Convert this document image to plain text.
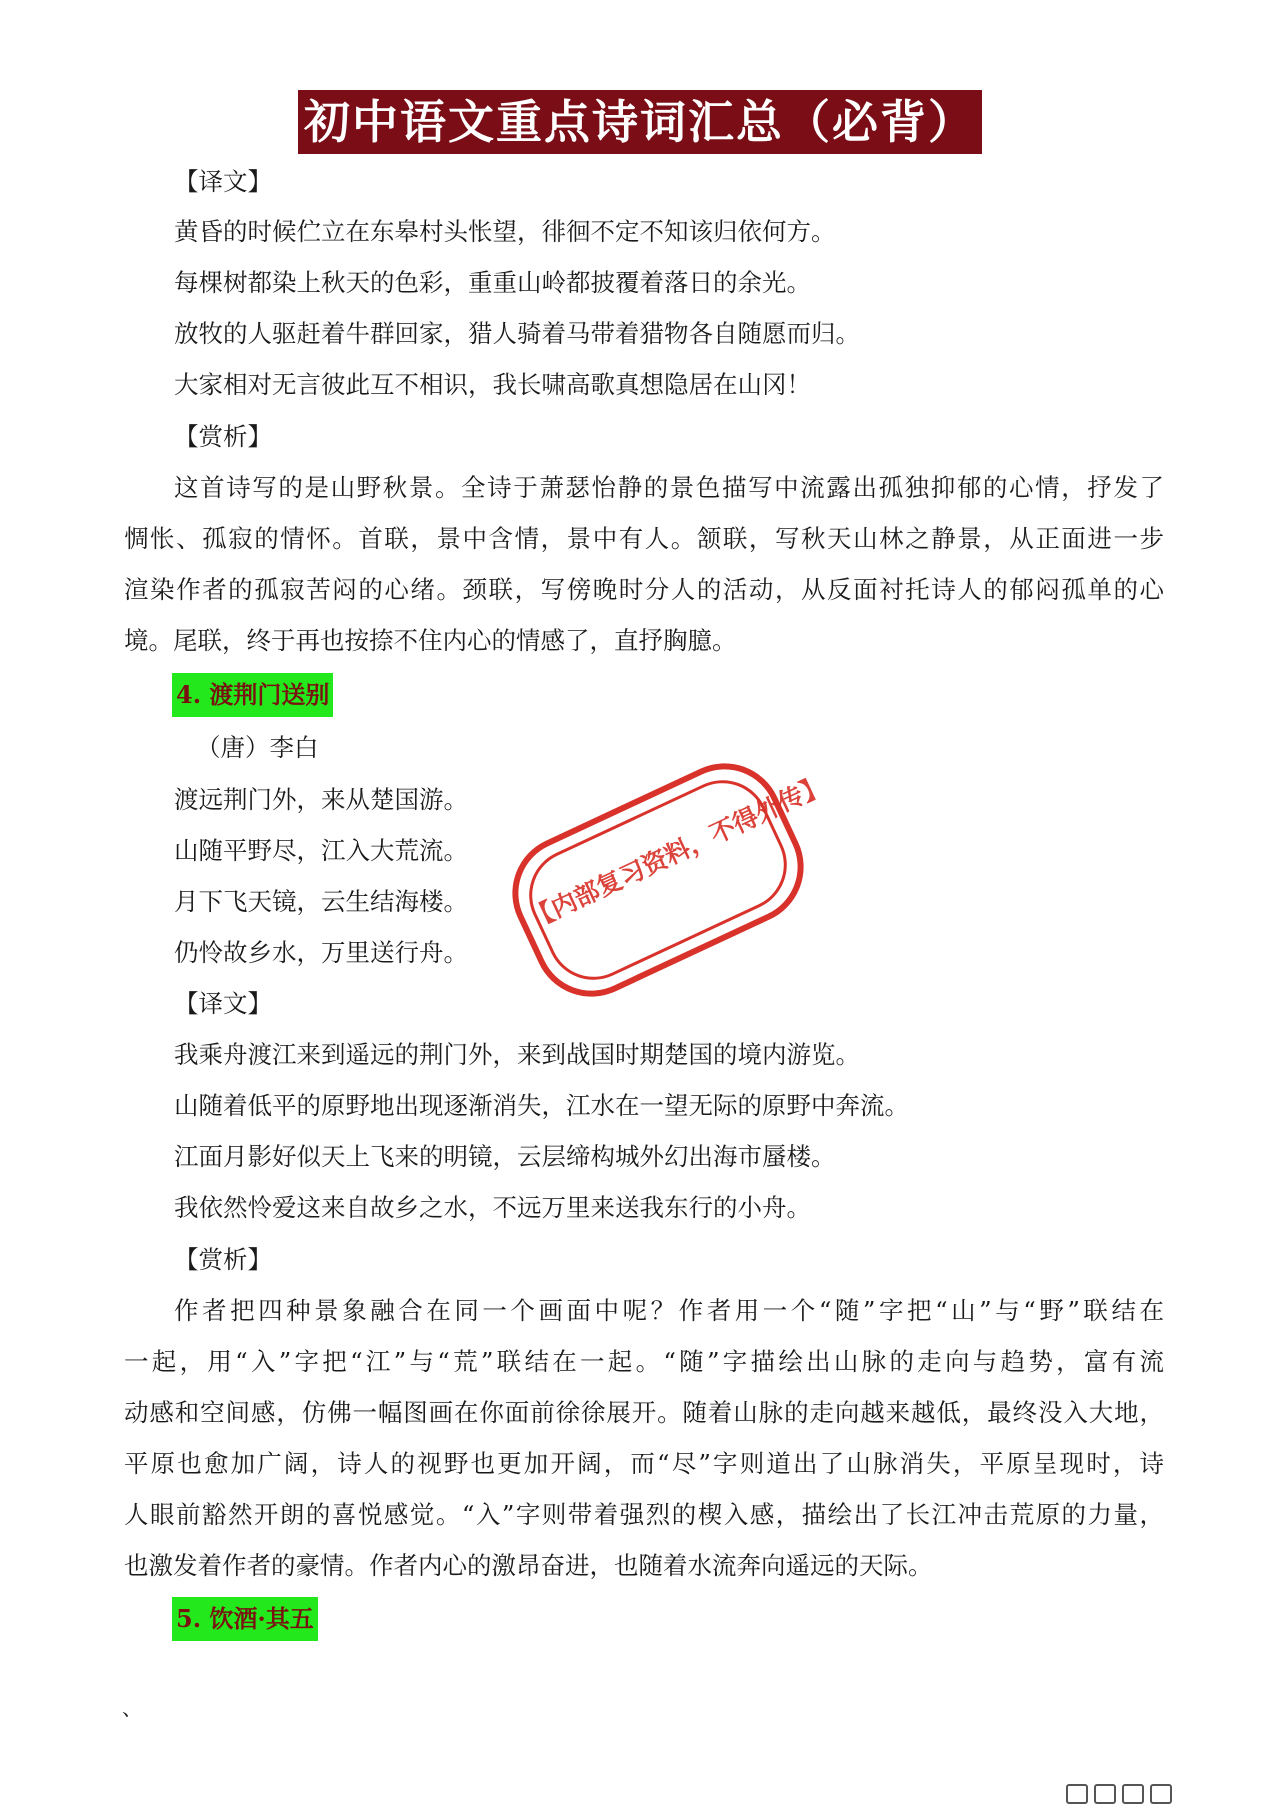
初中语文重点诗词汇总（必背）
【译文】
黄昏的时候伫立在东皋村头怅望，徘徊不定不知该归依何方。
每棵树都染上秋天的色彩，重重山岭都披覆着落日的余光。
放牧的人驱赶着牛群回家，猎人骑着马带着猎物各自随愿而归。
大家相对无言彼此互不相识，我长啸高歌真想隐居在山冈！
【赏析】
这首诗写的是山野秋景。全诗于萧瑟怡静的景色描写中流露出孤独抑郁的心情，抒发了
惆怅、孤寂的情怀。首联，景中含情，景中有人。颔联，写秋天山林之静景，从正面进一步
渲染作者的孤寂苦闷的心绪。颈联，写傍晚时分人的活动，从反面衬托诗人的郁闷孤单的心
境。尾联，终于再也按捺不住内心的情感了，直抒胸臆。
4. 渡荆门送别
（唐）李白
渡远荆门外，来从楚国游。
山随平野尽，江入大荒流。
月下飞天镜，云生结海楼。
仍怜故乡水，万里送行舟。
【译文】
我乘舟渡江来到遥远的荆门外，来到战国时期楚国的境内游览。
山随着低平的原野地出现逐渐消失，江水在一望无际的原野中奔流。
江面月影好似天上飞来的明镜，云层缔构城外幻出海市蜃楼。
我依然怜爱这来自故乡之水，不远万里来送我东行的小舟。
【赏析】
作者把四种景象融合在同一个画面中呢？作者用一个“随”字把“山”与“野”联结在
一起，用“入”字把“江”与“荒”联结在一起。“随”字描绘出山脉的走向与趋势，富有流
动感和空间感，仿佛一幅图画在你面前徐徐展开。随着山脉的走向越来越低，最终没入大地，
平原也愈加广阔，诗人的视野也更加开阔，而“尽”字则道出了山脉消失，平原呈现时，诗
人眼前豁然开朗的喜悦感觉。“入”字则带着强烈的楔入感，描绘出了长江冲击荒原的力量，
也激发着作者的豪情。作者内心的激昂奋进，也随着水流奔向遥远的天际。
5. 饮酒·其五
、
【内部复习资料，不得外传】
